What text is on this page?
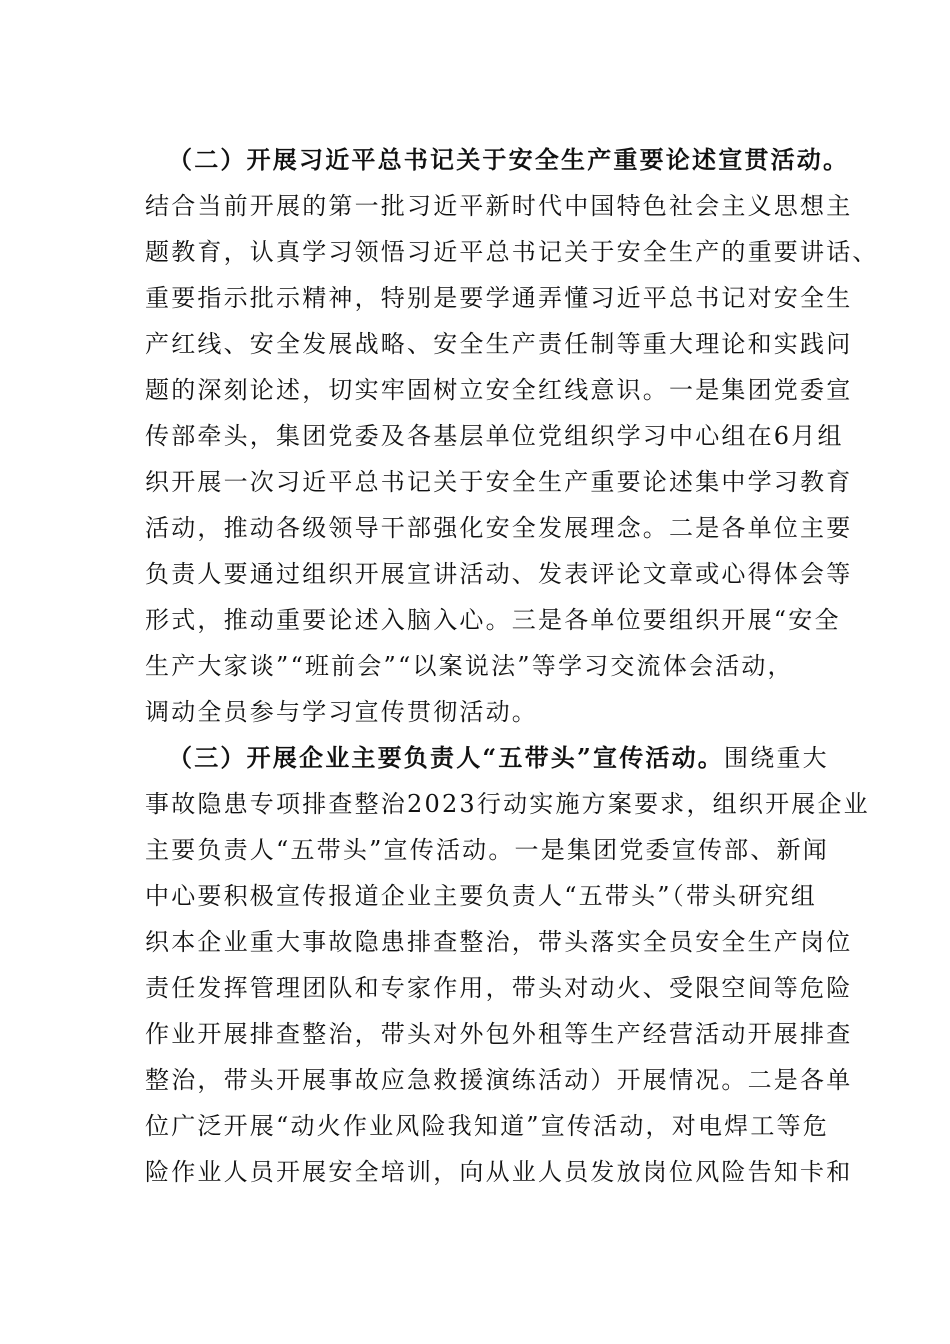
（二）开展习近平总书记关于安全生产重要论述宣贯活动。
结合当前开展的第一批习近平新时代中国特色社会主义思想主
题教育，认真学习领悟习近平总书记关于安全生产的重要讲话、
重要指示批示精神，特别是要学通弄懂习近平总书记对安全生
产红线、安全发展战略、安全生产责任制等重大理论和实践问
题的深刻论述，切实牢固树立安全红线意识。一是集团党委宣
传部牵头，集团党委及各基层单位党组织学习中心组在6月组
织开展一次习近平总书记关于安全生产重要论述集中学习教育
活动，推动各级领导干部强化安全发展理念。二是各单位主要
负责人要通过组织开展宣讲活动、发表评论文章或心得体会等
形式，推动重要论述入脑入心。三是各单位要组织开展“安全
生产大家谈”“班前会”“以案说法”等学习交流体会活动，
调动全员参与学习宣传贯彻活动。
（三）开展企业主要负责人“五带头”宣传活动。围绕重大
事故隐患专项排查整治2023行动实施方案要求，组织开展企业
主要负责人“五带头”宣传活动。一是集团党委宣传部、新闻
中心要积极宣传报道企业主要负责人“五带头”（带头研究组
织本企业重大事故隐患排查整治，带头落实全员安全生产岗位
责任发挥管理团队和专家作用，带头对动火、受限空间等危险
作业开展排查整治，带头对外包外租等生产经营活动开展排查
整治，带头开展事故应急救援演练活动）开展情况。二是各单
位广泛开展“动火作业风险我知道”宣传活动，对电焊工等危
险作业人员开展安全培训，向从业人员发放岗位风险告知卡和
